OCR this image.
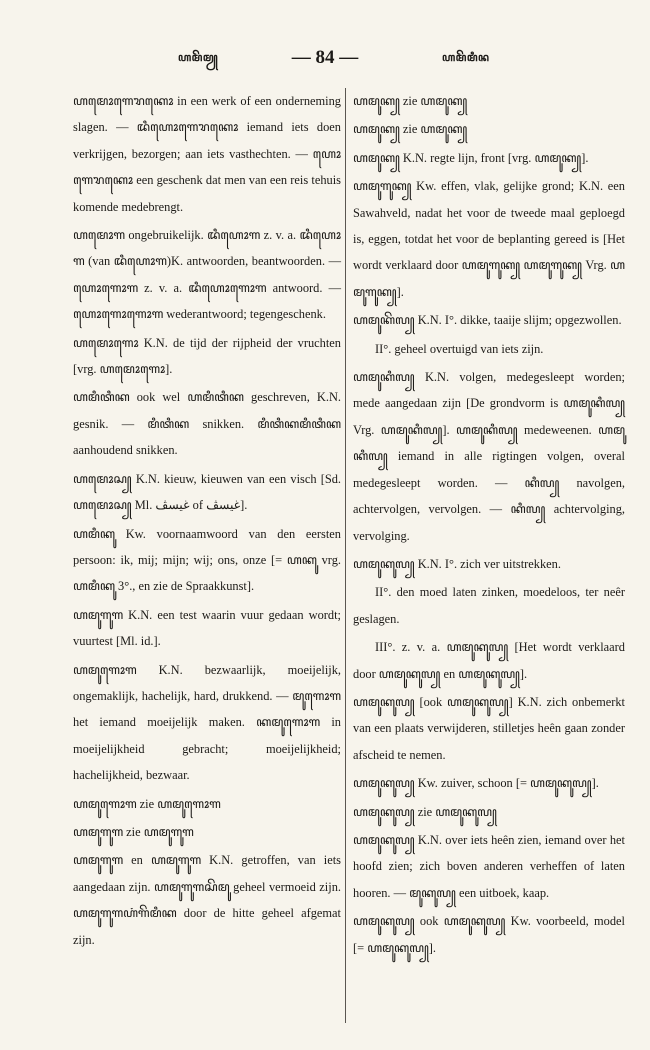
ꦲꦩꦼꦩꦾ	— 84 —	ꦲꦩꦼꦩꦶꦤ

ꦲꦩꦺꦴꦒꦺꦫꦏꦺꦴ in een werk of een onderneming slagen. — ꦢꦶꦲꦺꦴꦒꦺꦫꦏꦺꦴ iemand iets doen verkrijgen, bezorgen; aan iets vasthechten. — ꦲꦺꦴꦒꦺꦫꦏꦺꦴ een geschenk dat men van een reis tehuis komende medebrengt.

ꦲꦩꦺꦴꦒ ongebruikelijk. ꦢꦶꦲꦺꦴꦒ z. v. a. ꦢꦶꦲꦺꦴꦒ (van ꦢꦶꦲꦺꦴꦒ)K. antwoorden, beantwoorden. — ꦲꦺꦴꦒꦺꦴꦒ z. v. a. ꦢꦶꦲꦺꦴꦒꦺꦴꦒ antwoord. — ꦲꦺꦴꦒꦺꦴꦒꦺꦴꦒ wederantwoord; tegengeschenk.

ꦲꦩꦺꦴꦒꦺꦴ K.N. de tijd der rijpheid der vruchten [vrg. ꦲꦩꦺꦴꦒꦺꦴ].

ꦲꦩꦶꦠꦶꦏ ook wel ꦲꦩꦶꦠꦶꦏ geschreven, K.N. gesnik. — ꦩꦶꦠꦶꦏ snikken. ꦩꦶꦠꦶꦏꦩꦶꦠꦶꦏ aanhoudend snikken.

ꦲꦩꦺꦴꦱ꧀ K.N. kieuw, kieuwen van een visch [Sd. ꦲꦩꦺꦴꦱ꧀ Ml. غيسڤ of غيسڤ].

ꦲꦩꦶꦏꦸ Kw. voornaamwoord van den eersten persoon: ik, mij; mijn; wij; ons, onze [= ꦲꦏꦸ vrg. ꦲꦩꦶꦏꦸ 3°., en zie de Spraakkunst].

ꦲꦩꦸꦒꦸꦒ K.N. een test waarin vuur gedaan wordt; vuurtest [Ml. id.].

ꦲꦩꦸꦒꦺꦴꦒ K.N. bezwaarlijk, moeijelijk, ongemaklijk, hachelijk, hard, drukkend. — ꦩꦸꦒꦺꦴꦒ het iemand moeijelijk maken. ꦏꦩꦸꦒꦺꦴꦒ in moeijelijkheid gebracht; moeijelijkheid; hachelijkheid, bezwaar.

ꦲꦩꦸꦒꦺꦴꦒ zie ꦲꦩꦸꦒꦺꦴꦒ

ꦲꦩꦸꦒꦸꦒ zie ꦲꦩꦸꦒꦸꦒ

ꦲꦩꦸꦒꦸꦒ en ꦲꦩꦸꦒꦸꦒ K.N. getroffen, van iets aangedaan zijn. ꦲꦩꦸꦒꦸꦒꦱꦼꦩꦸ geheel vermoeid zijn. ꦲꦩꦸꦒꦸꦒꦲꦁꦒꦼꦩꦶꦏ door de hitte geheel afgemat zijn.

ꦲꦩꦸꦏ꧀ zie ꦲꦩꦸꦏ꧀

ꦲꦩꦸꦏ꧀ zie ꦲꦩꦸꦏ꧀

ꦲꦩꦸꦏ꧀ K.N. regte lijn, front [vrg. ꦲꦩꦸꦏ꧀].

ꦲꦩꦸꦒꦸꦏ꧀ Kw. effen, vlak, gelijke grond; K.N. een Sawahveld, nadat het voor de tweede maal geploegd is, eggen, totdat het voor de beplanting gereed is [Het wordt verklaard door ꦲꦩꦸꦒꦸꦏ꧀ ꦲꦩꦸꦒꦸꦏ꧀ Vrg. ꦲꦩꦸꦒꦸꦏ꧀].

ꦲꦩꦸꦏꦼꦭ꧀ K.N. I°. dikke, taaije slijm; opgezwollen.

II°. geheel overtuigd van iets zijn.

ꦲꦩꦸꦏꦶꦭ꧀ K.N. volgen, medegesleept worden; mede aangedaan zijn [De grondvorm is ꦲꦩꦸꦏꦶꦭ꧀ Vrg. ꦲꦩꦸꦏꦶꦭ꧀]. ꦲꦩꦸꦏꦶꦭ꧀ medeweenen. ꦲꦩꦸꦏꦶꦭ꧀ iemand in alle rigtingen volgen, overal medegesleept worden. — ꦏꦶꦭ꧀ navolgen, achtervolgen, vervolgen. — ꦏꦶꦭ꧀ achtervolging, vervolging.

ꦲꦩꦸꦏꦸꦭ꧀ K.N. I°. zich ver uitstrekken.

II°. den moed laten zinken, moedeloos, ter neêr geslagen.

III°. z. v. a. ꦲꦩꦸꦏꦸꦭ꧀ [Het wordt verklaard door ꦲꦩꦸꦏꦸꦭ꧀ en ꦲꦩꦸꦏꦸꦭ꧀].

ꦲꦩꦸꦏꦸꦭ꧀ [ook ꦲꦩꦸꦏꦸꦭ꧀] K.N. zich onbemerkt van een plaats verwijderen, stilletjes heên gaan zonder afscheid te nemen.

ꦲꦩꦸꦏꦸꦭ꧀ Kw. zuiver, schoon [= ꦲꦩꦸꦏꦸꦭ꧀].

ꦲꦩꦸꦏꦸꦭ꧀ zie ꦲꦩꦸꦏꦸꦭ꧀

ꦲꦩꦸꦏꦸꦭ꧀ K.N. over iets heên zien, iemand over het hoofd zien; zich boven anderen verheffen of laten hooren. — ꦩꦸꦏꦸꦭ꧀ een uitboek, kaap.

ꦲꦩꦸꦏꦸꦭ꧀ ook ꦲꦩꦸꦏꦸꦭ꧀ Kw. voorbeeld, model [= ꦲꦩꦸꦏꦸꦭ꧀].
